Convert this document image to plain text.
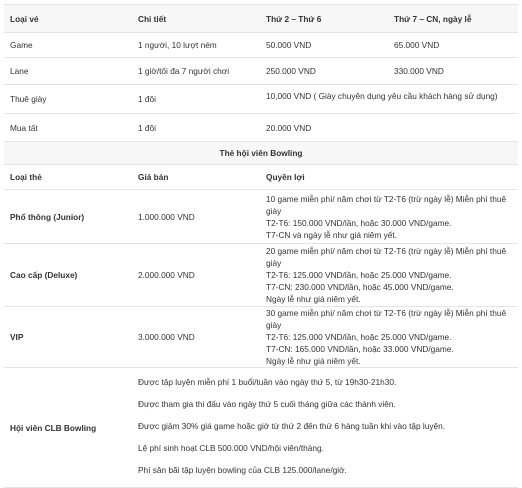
Loại vé	Chi tiết	Thứ 2 – Thứ 6	Thứ 7 – CN, ngày lễ
Game	1 người, 10 lượt ném	50.000 VND	65.000 VND
Lane	1 giờ/tối đa 7 người chơi	250.000 VND	330.000 VND
Thuê giày	1 đôi	10,000 VND ( Giày chuyên dụng yêu cầu khách hàng sử dụng)	
Mua tất	1 đôi	20.000 VND	
Thẻ hội viên Bowling			
Loại thẻ	Giá bán	Quyền lợi	
Phổ thông (Junior)	1.000.000 VND	10 game miễn phí/ năm chơi từ T2-T6 (trừ ngày lễ) Miễn phí thuê giày
T2-T6: 150.000 VND/lần, hoặc 30.000 VND/game.
T7-CN và ngày lễ như giá niêm yết.	

Cao cấp (Deluxe)	2.000.000 VND	20 game miễn phí/ năm chơi từ T2-T6 (trừ ngày lễ) Miễn phí thuê giày
T2-T6: 125.000 VND/lần, hoặc 25.000 VND/game.
T7-CN: 230.000 VND/lần, hoặc 45.000 VND/game.
Ngày lễ như giá niêm yết.	

VIP	3.000.000 VND	30 game miễn phí/ năm chơi từ T2-T6 (trừ ngày lễ) Miễn phí thuê giày
T2-T6: 125.000 VND/lần, hoặc 25.000 VND/game.
T7-CN: 165.000 VND/lần, hoặc 33.000 VND/game.
Ngày lễ như giá niêm yết.	

Hội viên CLB Bowling	Được tập luyện miễn phí 1 buổi/tuần vào ngày thứ 5, từ 19h30-21h30.
Được tham gia thi đấu vào ngày thứ 5 cuối tháng giữa các thành viên.
Được giảm 30% giá game hoặc giờ từ thứ 2 đến thứ 6 hàng tuần khi vào tập luyện.
Lệ phí sinh hoạt CLB 500.000 VND/hội viên/tháng.
Phí sân bãi tập luyện bowling của CLB 125.000/lane/giờ.		
